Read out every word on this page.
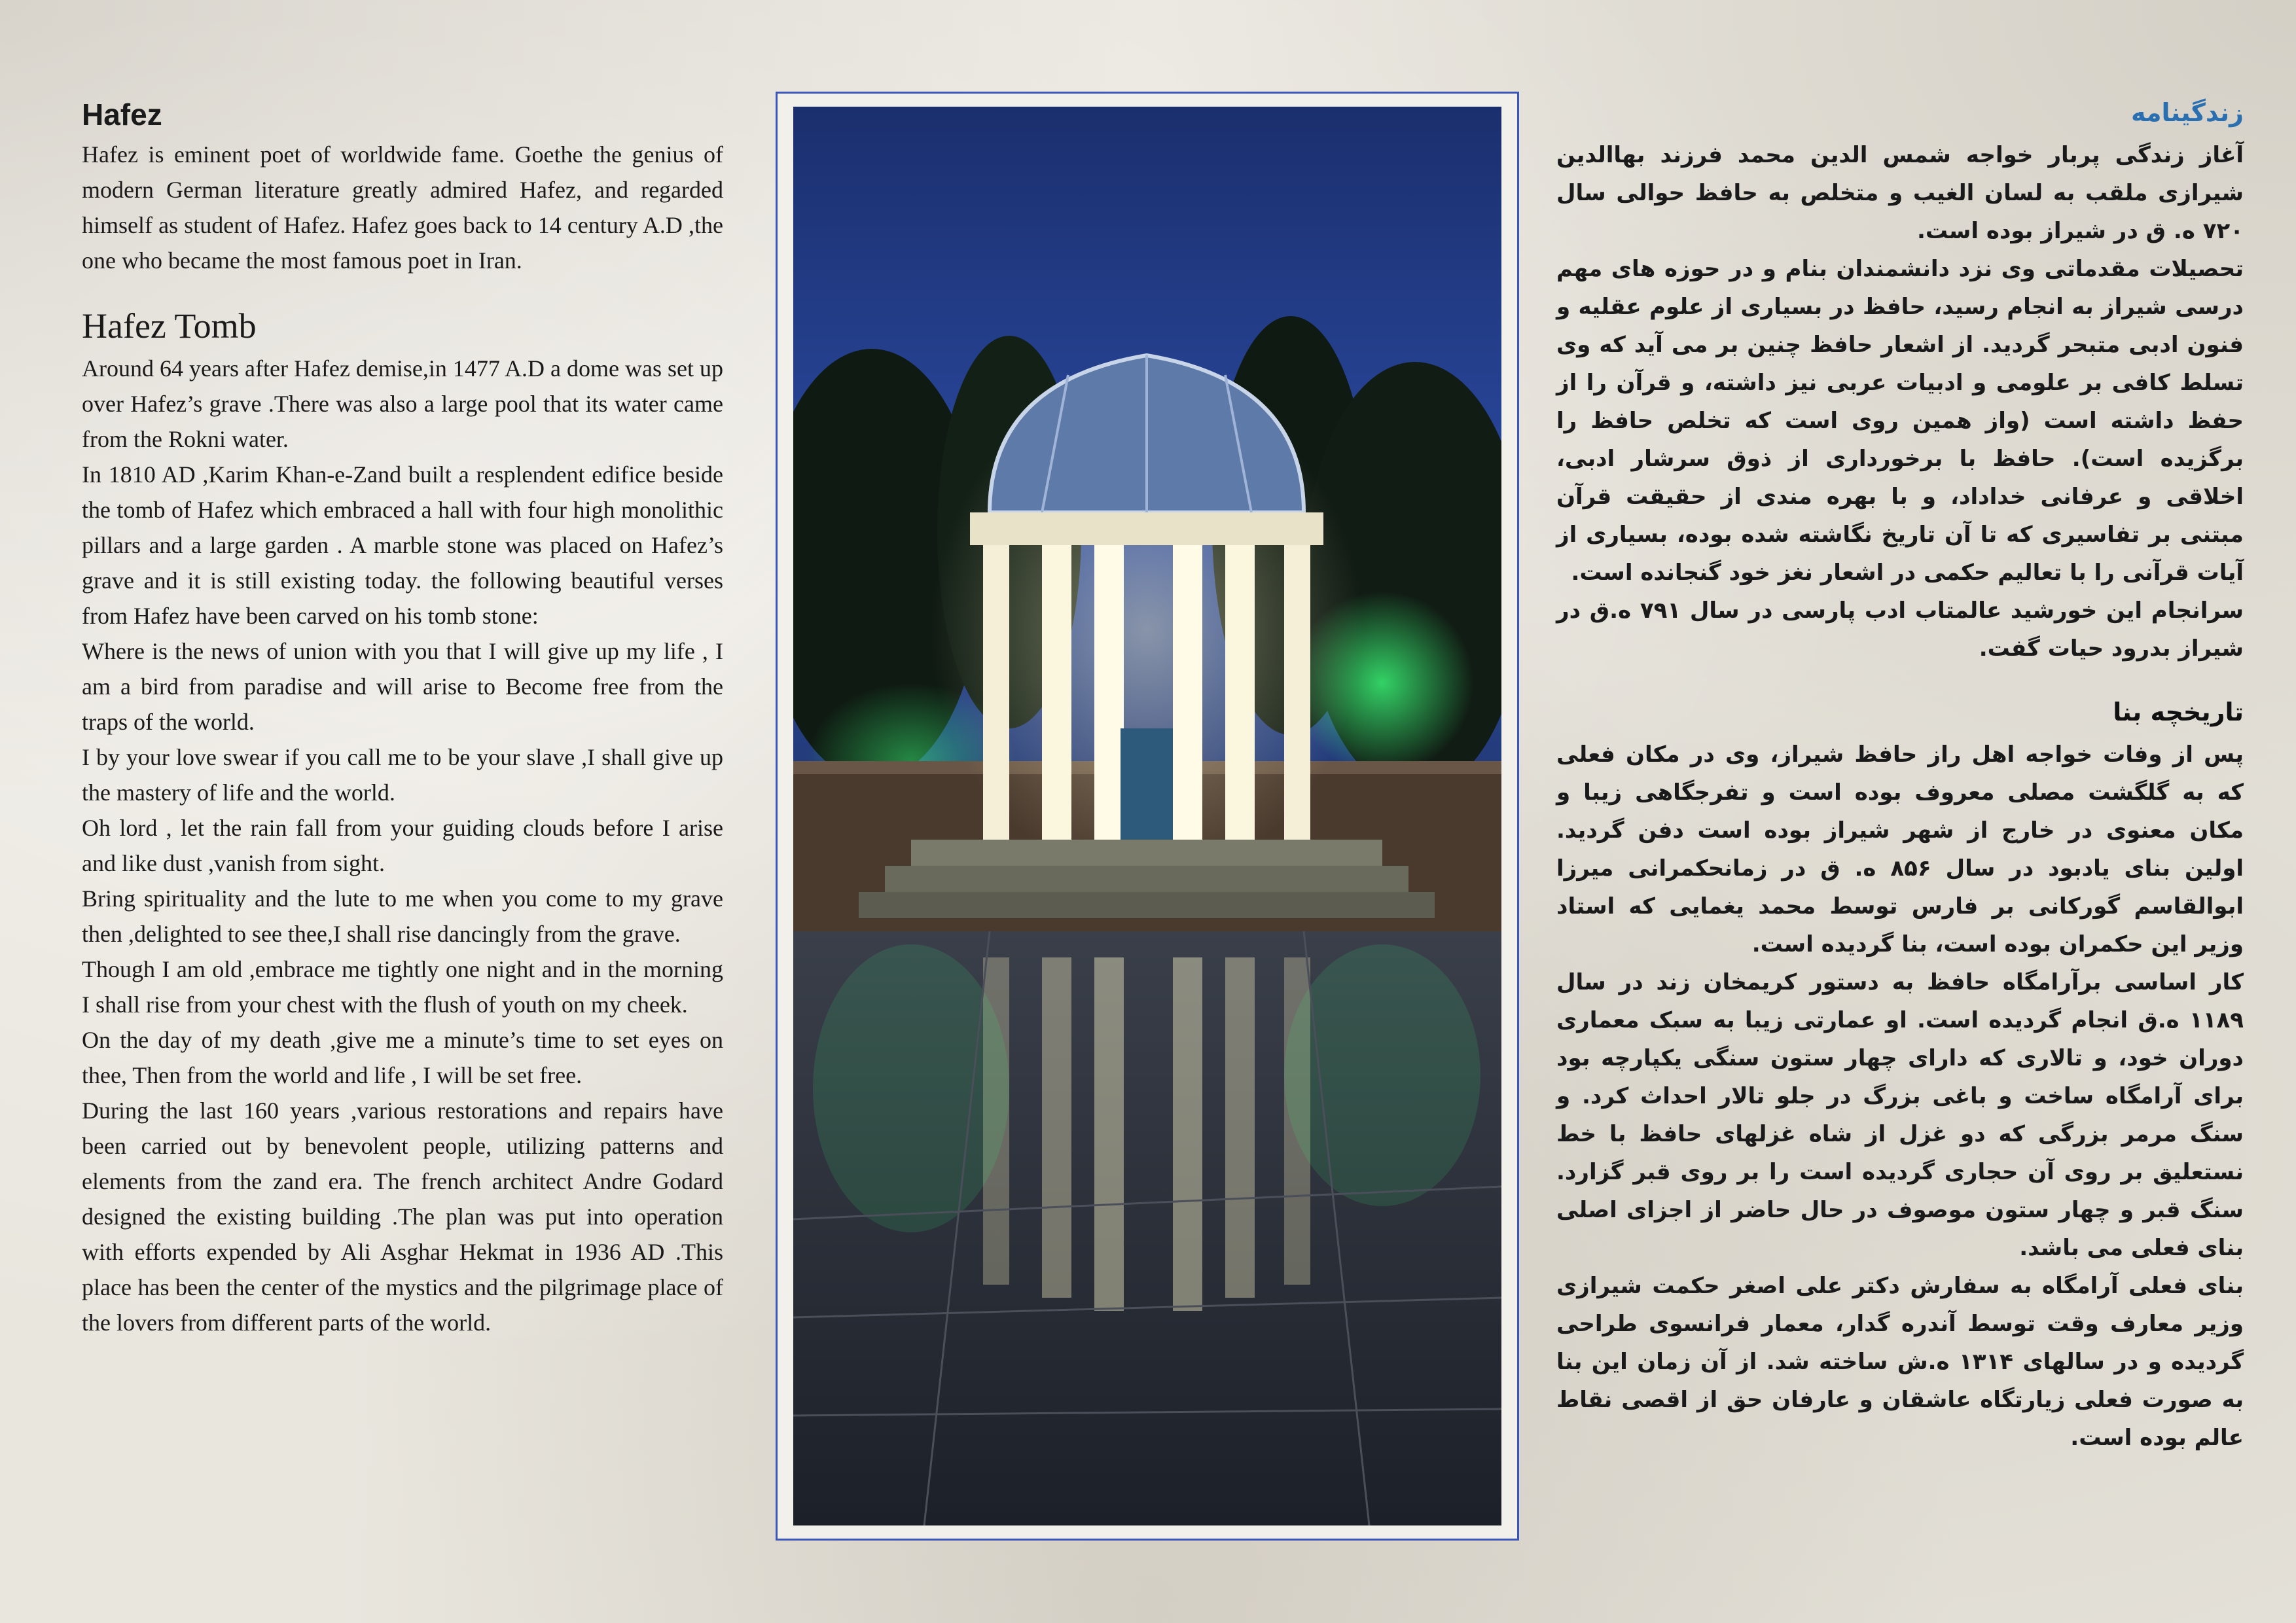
Hafez

Hafez is eminent poet of worldwide fame. Goethe the genius of modern German literature greatly admired Hafez, and regarded himself as student of Hafez. Hafez goes back to 14 century A.D ,the one who became the most famous poet in Iran.

Hafez Tomb

Around 64 years after Hafez demise,in 1477 A.D a dome was set up over Hafez’s grave .There was also a large pool that its water came from the Rokni water.

In 1810 AD ,Karim Khan-e-Zand built a resplendent edifice beside the tomb of Hafez which embraced a hall with four high monolithic pillars and a large garden . A marble stone was placed on Hafez’s grave and it is still existing today. the following beautiful verses from Hafez have been carved on his tomb stone:

Where is the news of union with you that I will give up my life , I am a bird from paradise and will arise to Become free from the traps of the world.

I by your love swear if you call me to be your slave ,I shall give up the mastery of life and the world.

Oh lord , let the rain fall from your guiding clouds before I arise and like dust ,vanish from sight.

Bring spirituality and the lute to me when you come to my grave then ,delighted to see thee,I shall rise dancingly from the grave.

Though I am old ,embrace me tightly one night and in the morning I shall rise from your chest with the flush of youth on my cheek.

On the day of my death ,give me a minute’s time to set eyes on thee, Then from the world and life , I will be set free.

During the last 160 years ,various restorations and repairs have been carried out by benevolent people, utilizing patterns and elements from the zand era. The french architect Andre Godard designed the existing building .The plan was put into operation with efforts expended by Ali Asghar Hekmat in 1936 AD .This place has been the center of the mystics and the pilgrimage place of the lovers from different parts of the world.

زندگینامه

آغاز زندگی پربار خواجه شمس الدین محمد فرزند بهاالدین شیرازی ملقب به لسان الغیب و متخلص به حافظ حوالی سال ۷۲۰ ه. ق در شیراز بوده است.

تحصیلات مقدماتی وی نزد دانشمندان بنام و در حوزه های مهم درسی شیراز به انجام رسید، حافظ در بسیاری از علوم عقلیه و فنون ادبی متبحر گردید. از اشعار حافظ چنین بر می آید که وی تسلط کافی بر علومی و ادبیات عربی نیز داشته، و قرآن را از حفظ داشته است (واز همین روی است که تخلص حافظ را برگزیده است). حافظ با برخورداری از ذوق سرشار ادبی، اخلاقی و عرفانی خداداد، و با بهره مندی از حقیقت قرآن مبتنی بر تفاسیری که تا آن تاریخ نگاشته شده بوده، بسیاری از آیات قرآنی را با تعالیم حکمی در اشعار نغز خود گنجانده است.

سرانجام این خورشید عالمتاب ادب پارسی در سال ۷۹۱ ه.ق در شیراز بدرود حیات گفت.

تاریخچه بنا

پس از وفات خواجه اهل راز حافظ شیراز، وی در مکان فعلی که به گلگشت مصلی معروف بوده است و تفرجگاهی زیبا و مکان معنوی در خارج از شهر شیراز بوده است دفن گردید. اولین بنای یادبود در سال ۸۵۶ ه. ق در زمانحکمرانی میرزا ابوالقاسم گورکانی بر فارس توسط محمد یغمایی که استاد وزیر این حکمران بوده است، بنا گردیده است.

کار اساسی برآرامگاه حافظ به دستور کریمخان زند در سال ۱۱۸۹ ه.ق انجام گردیده است. او عمارتی زیبا به سبک معماری دوران خود، و تالاری که دارای چهار ستون سنگی یکپارچه بود برای آرامگاه ساخت و باغی بزرگ در جلو تالار احداث کرد. و سنگ مرمر بزرگی که دو غزل از شاه غزلهای حافظ با خط نستعلیق بر روی آن حجاری گردیده است را بر روی قبر گزارد. سنگ قبر و چهار ستون موصوف در حال حاضر از اجزای اصلی بنای فعلی می باشد.

بنای فعلی آرامگاه به سفارش دکتر علی اصغر حکمت شیرازی وزیر معارف وقت توسط آندره گدار، معمار فرانسوی طراحی گردیده و در سالهای ۱۳۱۴ ه.ش ساخته شد. از آن زمان این بنا به صورت فعلی زیارتگاه عاشقان و عارفان حق از اقصی نقاط عالم بوده است.
